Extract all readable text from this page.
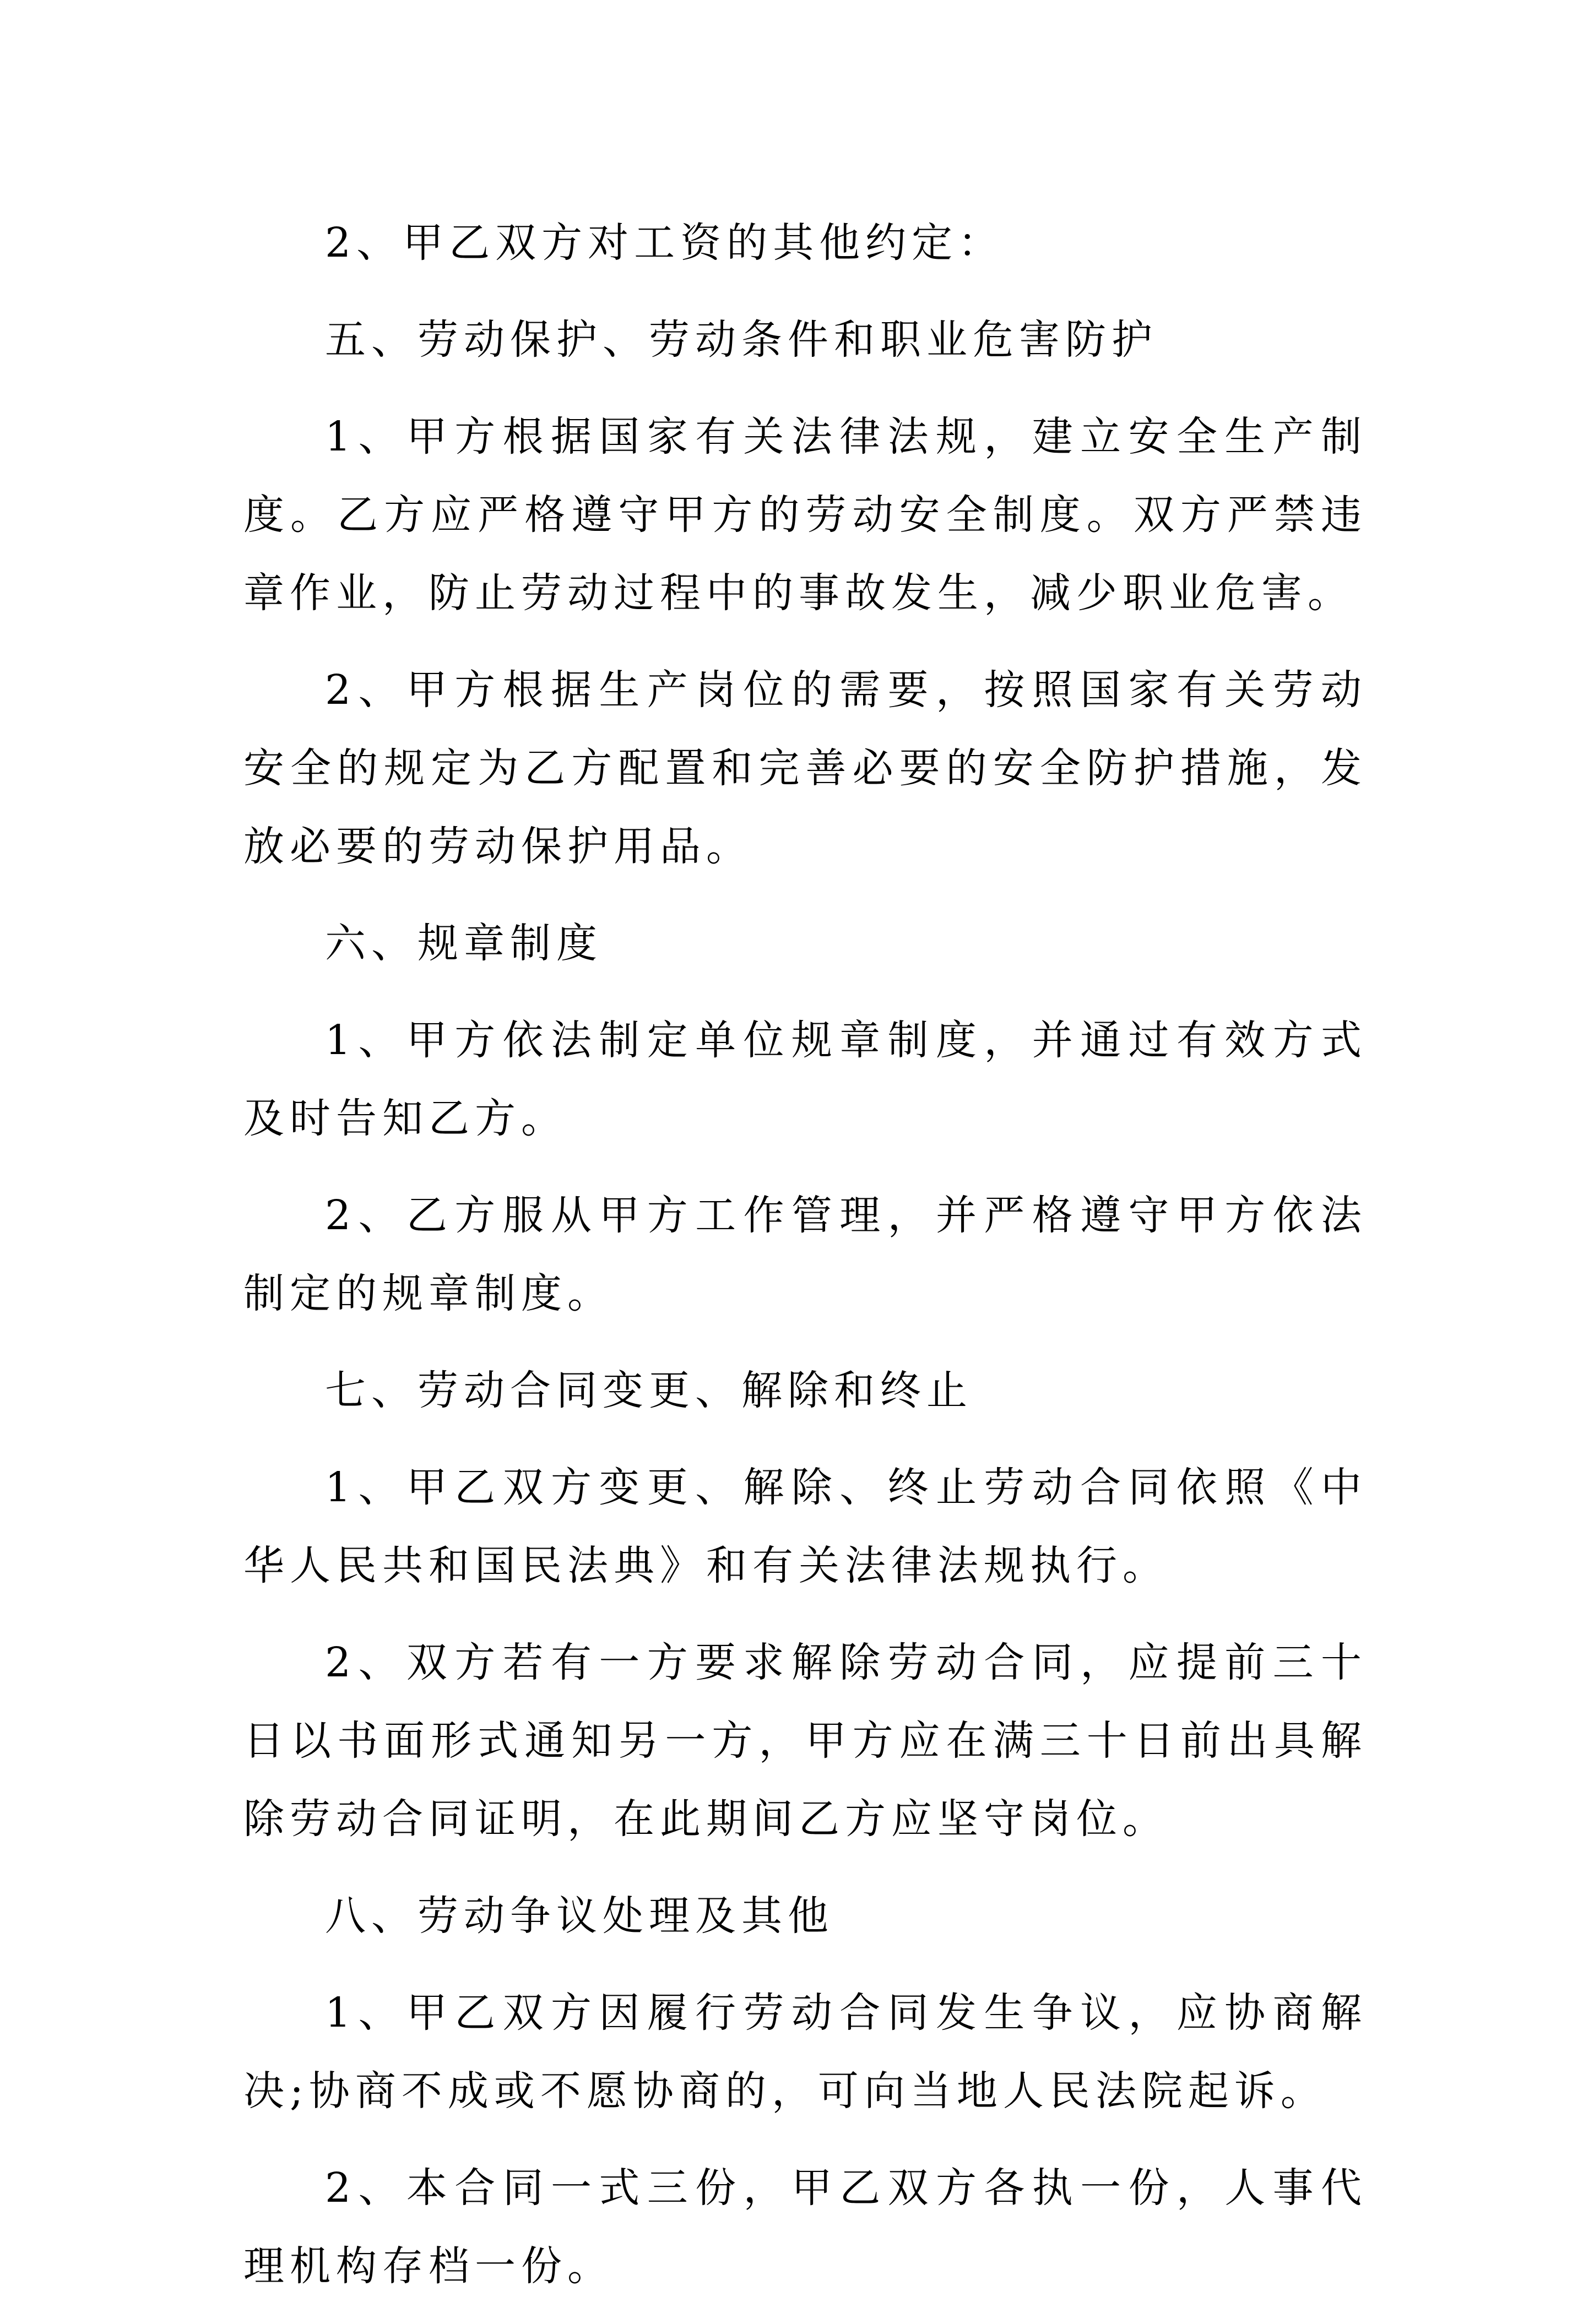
2、甲乙双方对工资的其他约定：

五、劳动保护、劳动条件和职业危害防护

1、甲方根据国家有关法律法规，建立安全生产制度。乙方应严格遵守甲方的劳动安全制度。双方严禁违章作业，防止劳动过程中的事故发生，减少职业危害。

2、甲方根据生产岗位的需要，按照国家有关劳动安全的规定为乙方配置和完善必要的安全防护措施，发放必要的劳动保护用品。

六、规章制度

1、甲方依法制定单位规章制度，并通过有效方式及时告知乙方。

2、乙方服从甲方工作管理，并严格遵守甲方依法制定的规章制度。

七、劳动合同变更、解除和终止

1、甲乙双方变更、解除、终止劳动合同依照《中华人民共和国民法典》和有关法律法规执行。

2、双方若有一方要求解除劳动合同，应提前三十日以书面形式通知另一方，甲方应在满三十日前出具解除劳动合同证明，在此期间乙方应坚守岗位。

八、劳动争议处理及其他

1、甲乙双方因履行劳动合同发生争议，应协商解决;协商不成或不愿协商的，可向当地人民法院起诉。

2、本合同一式三份，甲乙双方各执一份，人事代理机构存档一份。
